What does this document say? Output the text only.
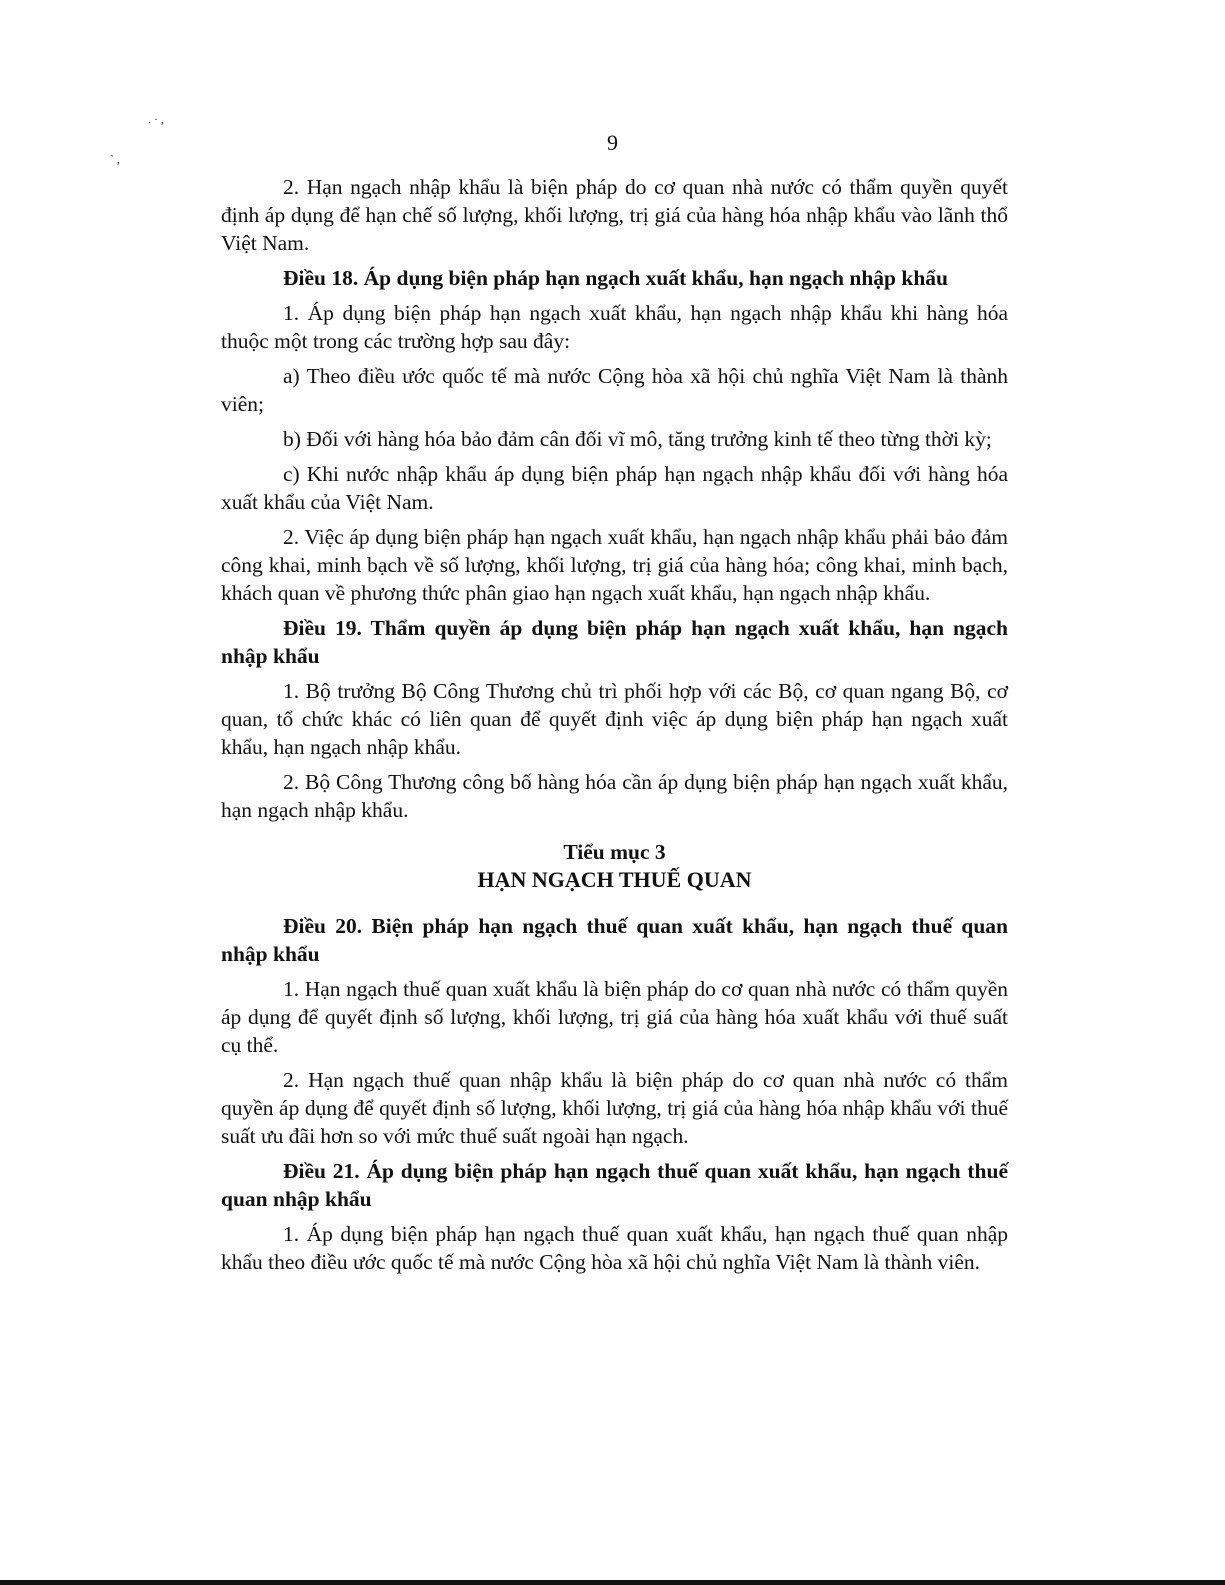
. · ,
` ,
9

2. Hạn ngạch nhập khẩu là biện pháp do cơ quan nhà nước có thẩm quyền quyết định áp dụng để hạn chế số lượng, khối lượng, trị giá của hàng hóa nhập khẩu vào lãnh thổ Việt Nam.

Điều 18. Áp dụng biện pháp hạn ngạch xuất khẩu, hạn ngạch nhập khẩu

1. Áp dụng biện pháp hạn ngạch xuất khẩu, hạn ngạch nhập khẩu khi hàng hóa thuộc một trong các trường hợp sau đây:

a) Theo điều ước quốc tế mà nước Cộng hòa xã hội chủ nghĩa Việt Nam là thành viên;

b) Đối với hàng hóa bảo đảm cân đối vĩ mô, tăng trưởng kinh tế theo từng thời kỳ;

c) Khi nước nhập khẩu áp dụng biện pháp hạn ngạch nhập khẩu đối với hàng hóa xuất khẩu của Việt Nam.

2. Việc áp dụng biện pháp hạn ngạch xuất khẩu, hạn ngạch nhập khẩu phải bảo đảm công khai, minh bạch về số lượng, khối lượng, trị giá của hàng hóa; công khai, minh bạch, khách quan về phương thức phân giao hạn ngạch xuất khẩu, hạn ngạch nhập khẩu.

Điều 19. Thẩm quyền áp dụng biện pháp hạn ngạch xuất khẩu, hạn ngạch nhập khẩu

1. Bộ trưởng Bộ Công Thương chủ trì phối hợp với các Bộ, cơ quan ngang Bộ, cơ quan, tổ chức khác có liên quan để quyết định việc áp dụng biện pháp hạn ngạch xuất khẩu, hạn ngạch nhập khẩu.

2. Bộ Công Thương công bố hàng hóa cần áp dụng biện pháp hạn ngạch xuất khẩu, hạn ngạch nhập khẩu.

Tiểu mục 3
HẠN NGẠCH THUẾ QUAN

Điều 20. Biện pháp hạn ngạch thuế quan xuất khẩu, hạn ngạch thuế quan nhập khẩu

1. Hạn ngạch thuế quan xuất khẩu là biện pháp do cơ quan nhà nước có thẩm quyền áp dụng để quyết định số lượng, khối lượng, trị giá của hàng hóa xuất khẩu với thuế suất cụ thể.

2. Hạn ngạch thuế quan nhập khẩu là biện pháp do cơ quan nhà nước có thẩm quyền áp dụng để quyết định số lượng, khối lượng, trị giá của hàng hóa nhập khẩu với thuế suất ưu đãi hơn so với mức thuế suất ngoài hạn ngạch.

Điều 21. Áp dụng biện pháp hạn ngạch thuế quan xuất khẩu, hạn ngạch thuế quan nhập khẩu

1. Áp dụng biện pháp hạn ngạch thuế quan xuất khẩu, hạn ngạch thuế quan nhập khẩu theo điều ước quốc tế mà nước Cộng hòa xã hội chủ nghĩa Việt Nam là thành viên.
